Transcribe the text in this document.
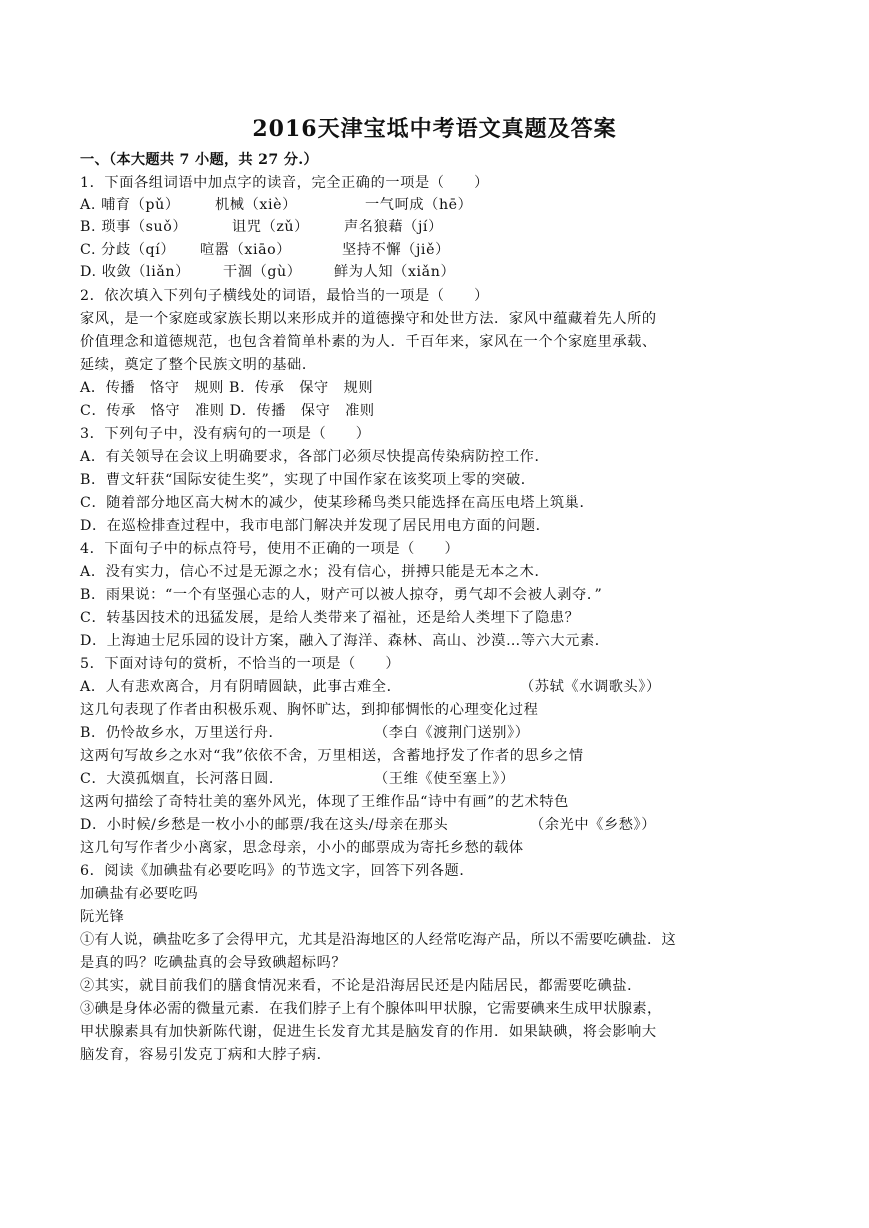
2016天津宝坻中考语文真题及答案
一、（本大题共 7 小题，共 27 分.）
1．下面各组词语中加点字的读音，完全正确的一项是（　　）
A. 哺育（pǔ） 机械（xiè）	一气呵成（hē）
B. 琐事（suǒ）	诅咒（zǔ） 声名狼藉（jí）
C. 分歧（qí） 喧嚣（xiāo）	坚持不懈（jiě）
D. 收敛（liǎn） 干涸（gù） 鲜为人知（xiǎn）
2．依次填入下列句子横线处的词语，最恰当的一项是（　　）
家风，是一个家庭或家族长期以来形成并的道德操守和处世方法．家风中蕴藏着先人所的
价值理念和道德规范，也包含着简单朴素的为人．千百年来，家风在一个个家庭里承载、
延续，奠定了整个民族文明的基础．
A．传播　恪守　规则 B．传承　保守　规则
C．传承　恪守　准则 D．传播　保守　准则
3．下列句子中，没有病句的一项是（　　）
A．有关领导在会议上明确要求，各部门必须尽快提高传染病防控工作．
B．曹文轩获“国际安徒生奖”，实现了中国作家在该奖项上零的突破．
C．随着部分地区高大树木的减少，使某珍稀鸟类只能选择在高压电塔上筑巢．
D．在巡检排查过程中，我市电部门解决并发现了居民用电方面的问题．
4．下面句子中的标点符号，使用不正确的一项是（　　）
A．没有实力，信心不过是无源之水；没有信心，拼搏只能是无本之木．
B．雨果说：“一个有坚强心志的人，财产可以被人掠夺，勇气却不会被人剥夺．”
C．转基因技术的迅猛发展，是给人类带来了福祉，还是给人类埋下了隐患？
D．上海迪士尼乐园的设计方案，融入了海洋、森林、高山、沙漠…等六大元素．
5．下面对诗句的赏析，不恰当的一项是（　　）
A．人有悲欢离合，月有阴晴圆缺，此事古难全．	（苏轼《水调歌头》）
这几句表现了作者由积极乐观、胸怀旷达，到抑郁惆怅的心理变化过程
B．仍怜故乡水，万里送行舟．	（李白《渡荆门送别》）
这两句写故乡之水对“我”依依不舍，万里相送，含蓄地抒发了作者的思乡之情
C．大漠孤烟直，长河落日圆．	（王维《使至塞上》）
这两句描绘了奇特壮美的塞外风光，体现了王维作品“诗中有画”的艺术特色
D．小时候/乡愁是一枚小小的邮票/我在这头/母亲在那头	（余光中《乡愁》）
这几句写作者少小离家，思念母亲，小小的邮票成为寄托乡愁的载体
6．阅读《加碘盐有必要吃吗》的节选文字，回答下列各题．
加碘盐有必要吃吗
阮光锋
①有人说，碘盐吃多了会得甲亢，尤其是沿海地区的人经常吃海产品，所以不需要吃碘盐．这
是真的吗？吃碘盐真的会导致碘超标吗？
②其实，就目前我们的膳食情况来看，不论是沿海居民还是内陆居民，都需要吃碘盐．
③碘是身体必需的微量元素．在我们脖子上有个腺体叫甲状腺，它需要碘来生成甲状腺素，
甲状腺素具有加快新陈代谢，促进生长发育尤其是脑发育的作用．如果缺碘，将会影响大
脑发育，容易引发克丁病和大脖子病．
